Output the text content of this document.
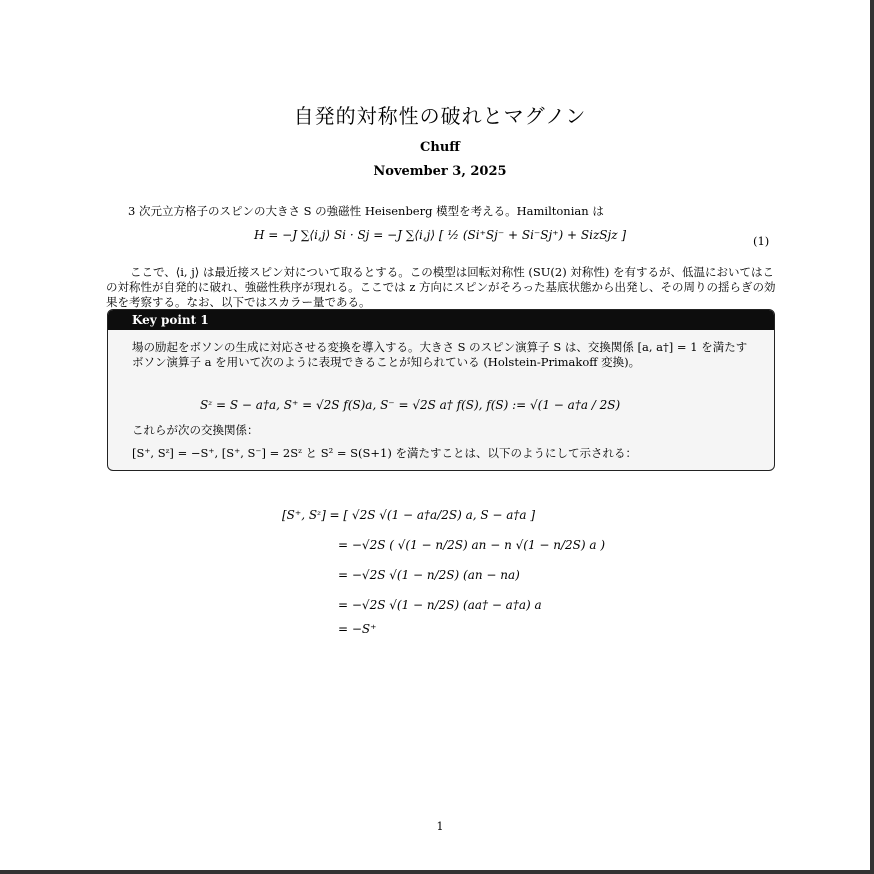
自発的対称性の破れとマグノン
Chuff
November 3, 2025
3 次元立方格子のスピンの大きさ S の強磁性 Heisenberg 模型を考える。Hamiltonian は
H = −J ∑⟨i,j⟩ Si · Sj = −J ∑⟨i,j⟩ [ ½ (Si⁺Sj⁻ + Si⁻Sj⁺) + SizSjz ]	(1)
ここで、⟨i, j⟩ は最近接スピン対について取るとする。この模型は回転対称性 (SU(2) 対称性) を有するが、低温においてはこの対称性が自発的に破れ、強磁性秩序が現れる。ここでは z 方向にスピンがそろった基底状態から出発し、その周りの揺らぎの効果を考察する。なお、以下ではスカラー量である。
Key point 1
場の励起をボソンの生成に対応させる変換を導入する。大きさ S のスピン演算子 S は、交換関係 [a, a†] = 1 を満たすボソン演算子 a を用いて次のように表現できることが知られている (Holstein-Primakoff 変換)。
Sᶻ = S − a†a, S⁺ = √2S f(S)a, S⁻ = √2S a† f(S), f(S) := √(1 − a†a / 2S)
これらが次の交換関係：
[S⁺, Sᶻ] = −S⁺, [S⁺, S⁻] = 2Sᶻ と S² = S(S+1) を満たすことは、以下のようにして示される：
[S⁺, Sᶻ] = [ √2S √(1 − a†a/2S) a, S − a†a ]
= −√2S ( √(1 − n/2S) an − n √(1 − n/2S) a )
= −√2S √(1 − n/2S) (an − na)
= −√2S √(1 − n/2S) (aa† − a†a) a
= −S⁺
1
